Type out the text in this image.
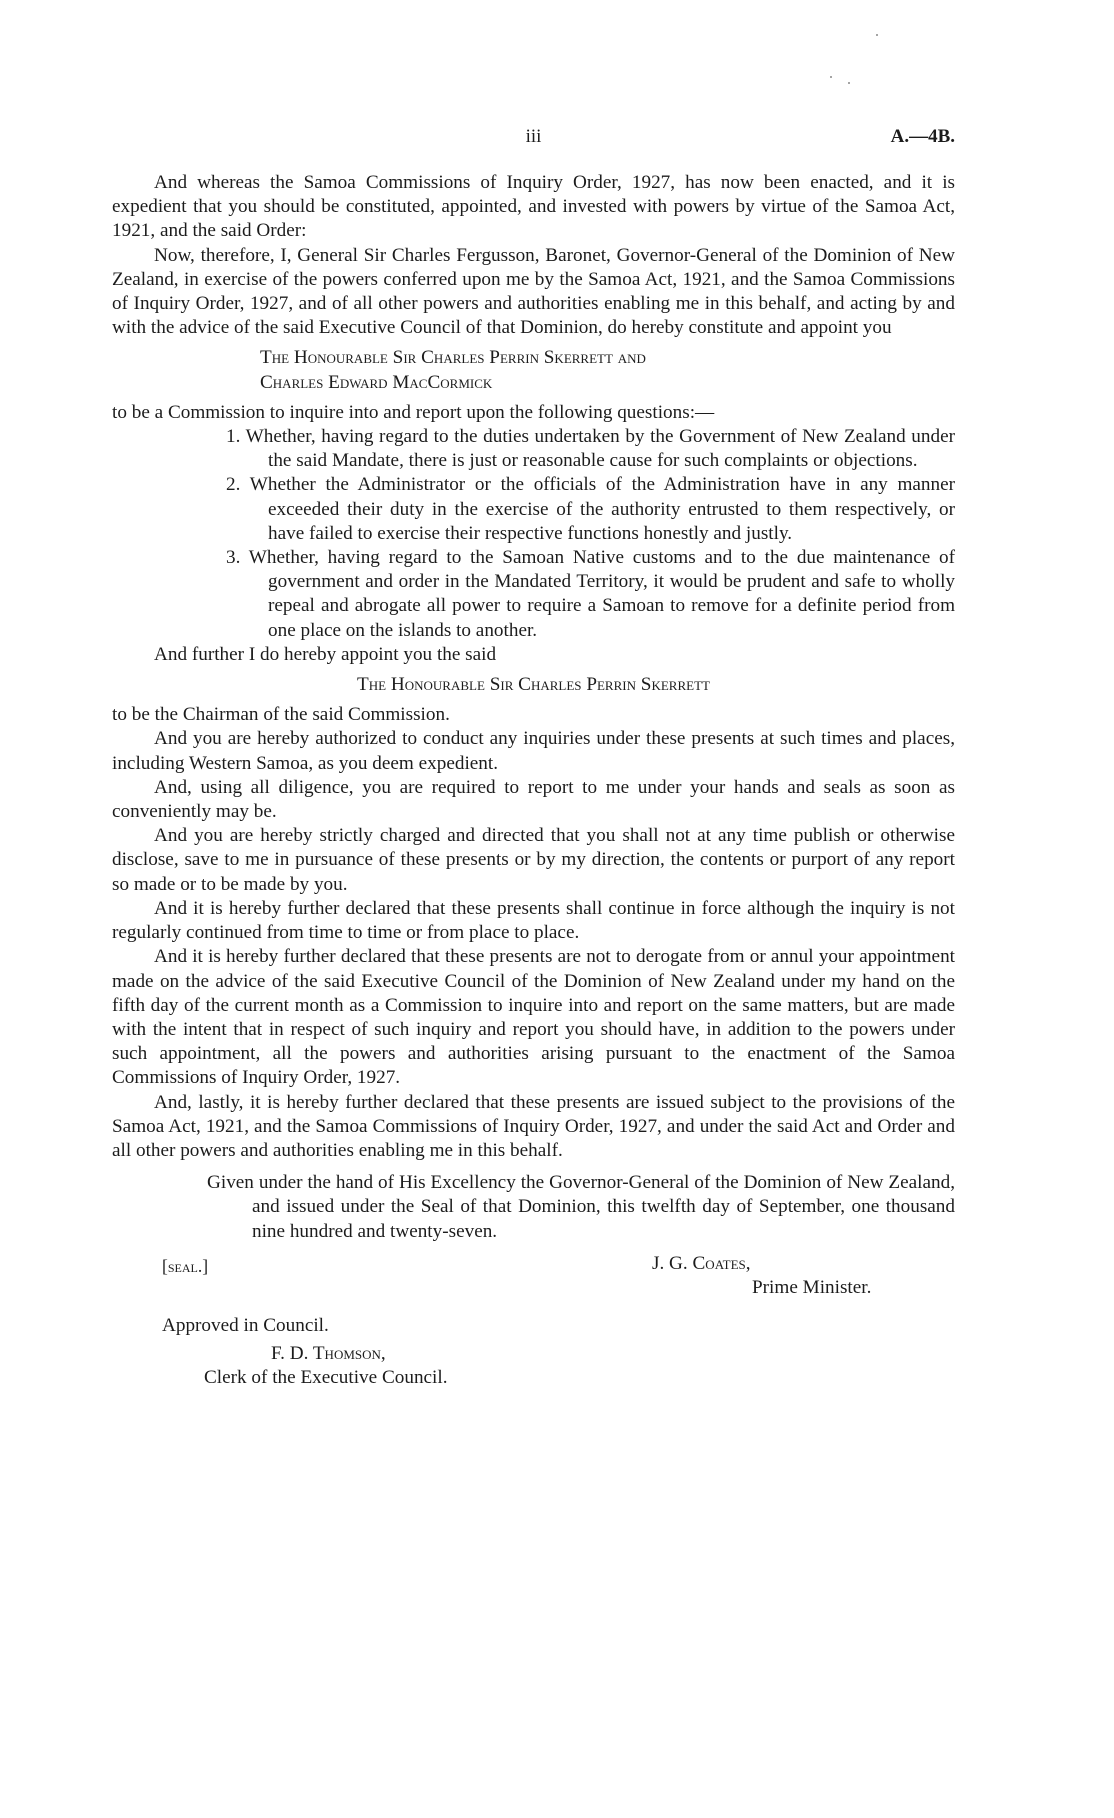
iii	A.—4B.

And whereas the Samoa Commissions of Inquiry Order, 1927, has now been enacted, and it is expedient that you should be constituted, appointed, and invested with powers by virtue of the Samoa Act, 1921, and the said Order:

Now, therefore, I, General Sir Charles Fergusson, Baronet, Governor-General of the Dominion of New Zealand, in exercise of the powers conferred upon me by the Samoa Act, 1921, and the Samoa Commissions of Inquiry Order, 1927, and of all other powers and authorities enabling me in this behalf, and acting by and with the advice of the said Executive Council of that Dominion, do hereby constitute and appoint you

The Honourable Sir Charles Perrin Skerrett and
Charles Edward MacCormick

to be a Commission to inquire into and report upon the following questions:—

1. Whether, having regard to the duties undertaken by the Government of New Zealand under the said Mandate, there is just or reasonable cause for such complaints or objections.

2. Whether the Administrator or the officials of the Administration have in any manner exceeded their duty in the exercise of the authority entrusted to them respectively, or have failed to exercise their respective functions honestly and justly.

3. Whether, having regard to the Samoan Native customs and to the due maintenance of government and order in the Mandated Territory, it would be prudent and safe to wholly repeal and abrogate all power to require a Samoan to remove for a definite period from one place on the islands to another.

And further I do hereby appoint you the said

The Honourable Sir Charles Perrin Skerrett

to be the Chairman of the said Commission.

And you are hereby authorized to conduct any inquiries under these presents at such times and places, including Western Samoa, as you deem expedient.

And, using all diligence, you are required to report to me under your hands and seals as soon as conveniently may be.

And you are hereby strictly charged and directed that you shall not at any time publish or otherwise disclose, save to me in pursuance of these presents or by my direction, the contents or purport of any report so made or to be made by you.

And it is hereby further declared that these presents shall continue in force although the inquiry is not regularly continued from time to time or from place to place.

And it is hereby further declared that these presents are not to derogate from or annul your appointment made on the advice of the said Executive Council of the Dominion of New Zealand under my hand on the fifth day of the current month as a Commission to inquire into and report on the same matters, but are made with the intent that in respect of such inquiry and report you should have, in addition to the powers under such appointment, all the powers and authorities arising pursuant to the enactment of the Samoa Commissions of Inquiry Order, 1927.

And, lastly, it is hereby further declared that these presents are issued subject to the provisions of the Samoa Act, 1921, and the Samoa Commissions of Inquiry Order, 1927, and under the said Act and Order and all other powers and authorities enabling me in this behalf.

Given under the hand of His Excellency the Governor-General of the Dominion of New Zealand, and issued under the Seal of that Dominion, this twelfth day of September, one thousand nine hundred and twenty-seven.

[seal.]	J. G. Coates,
Prime Minister.
Approved in Council.
F. D. Thomson,
Clerk of the Executive Council.
